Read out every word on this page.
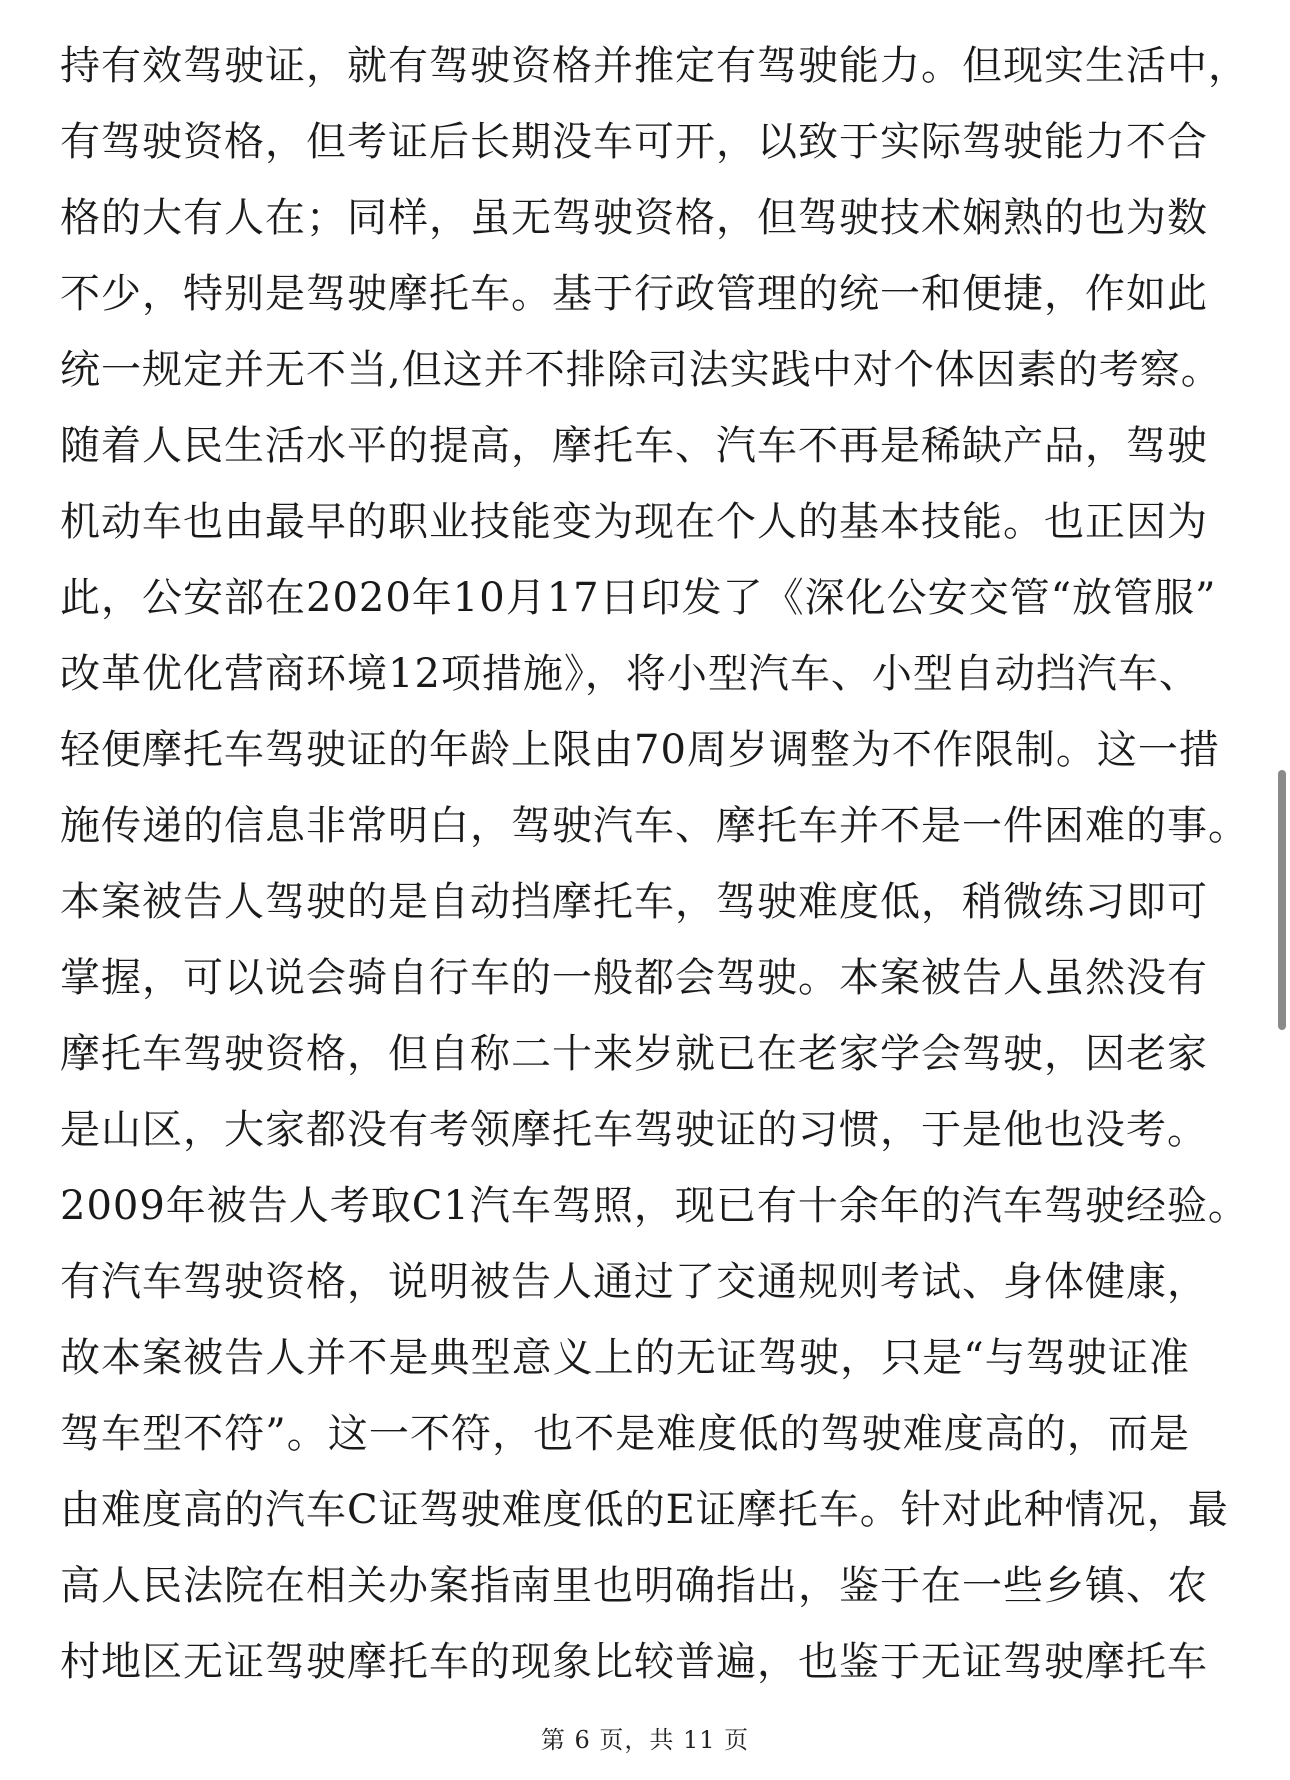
持有效驾驶证，就有驾驶资格并推定有驾驶能力。但现实生活中，
有驾驶资格，但考证后长期没车可开，以致于实际驾驶能力不合
格的大有人在；同样，虽无驾驶资格，但驾驶技术娴熟的也为数
不少，特别是驾驶摩托车。基于行政管理的统一和便捷，作如此
统一规定并无不当,但这并不排除司法实践中对个体因素的考察。
随着人民生活水平的提高，摩托车、汽车不再是稀缺产品，驾驶
机动车也由最早的职业技能变为现在个人的基本技能。也正因为
此，公安部在2020年10月17日印发了《深化公安交管“放管服”
改革优化营商环境12项措施》，将小型汽车、小型自动挡汽车、
轻便摩托车驾驶证的年龄上限由70周岁调整为不作限制。这一措
施传递的信息非常明白，驾驶汽车、摩托车并不是一件困难的事。
本案被告人驾驶的是自动挡摩托车，驾驶难度低，稍微练习即可
掌握，可以说会骑自行车的一般都会驾驶。本案被告人虽然没有
摩托车驾驶资格，但自称二十来岁就已在老家学会驾驶，因老家
是山区，大家都没有考领摩托车驾驶证的习惯，于是他也没考。
2009年被告人考取C1汽车驾照，现已有十余年的汽车驾驶经验。
有汽车驾驶资格，说明被告人通过了交通规则考试、身体健康，
故本案被告人并不是典型意义上的无证驾驶，只是“与驾驶证准
驾车型不符”。这一不符，也不是难度低的驾驶难度高的，而是
由难度高的汽车C证驾驶难度低的E证摩托车。针对此种情况，最
高人民法院在相关办案指南里也明确指出，鉴于在一些乡镇、农
村地区无证驾驶摩托车的现象比较普遍，也鉴于无证驾驶摩托车
第 6 页，共 11 页
